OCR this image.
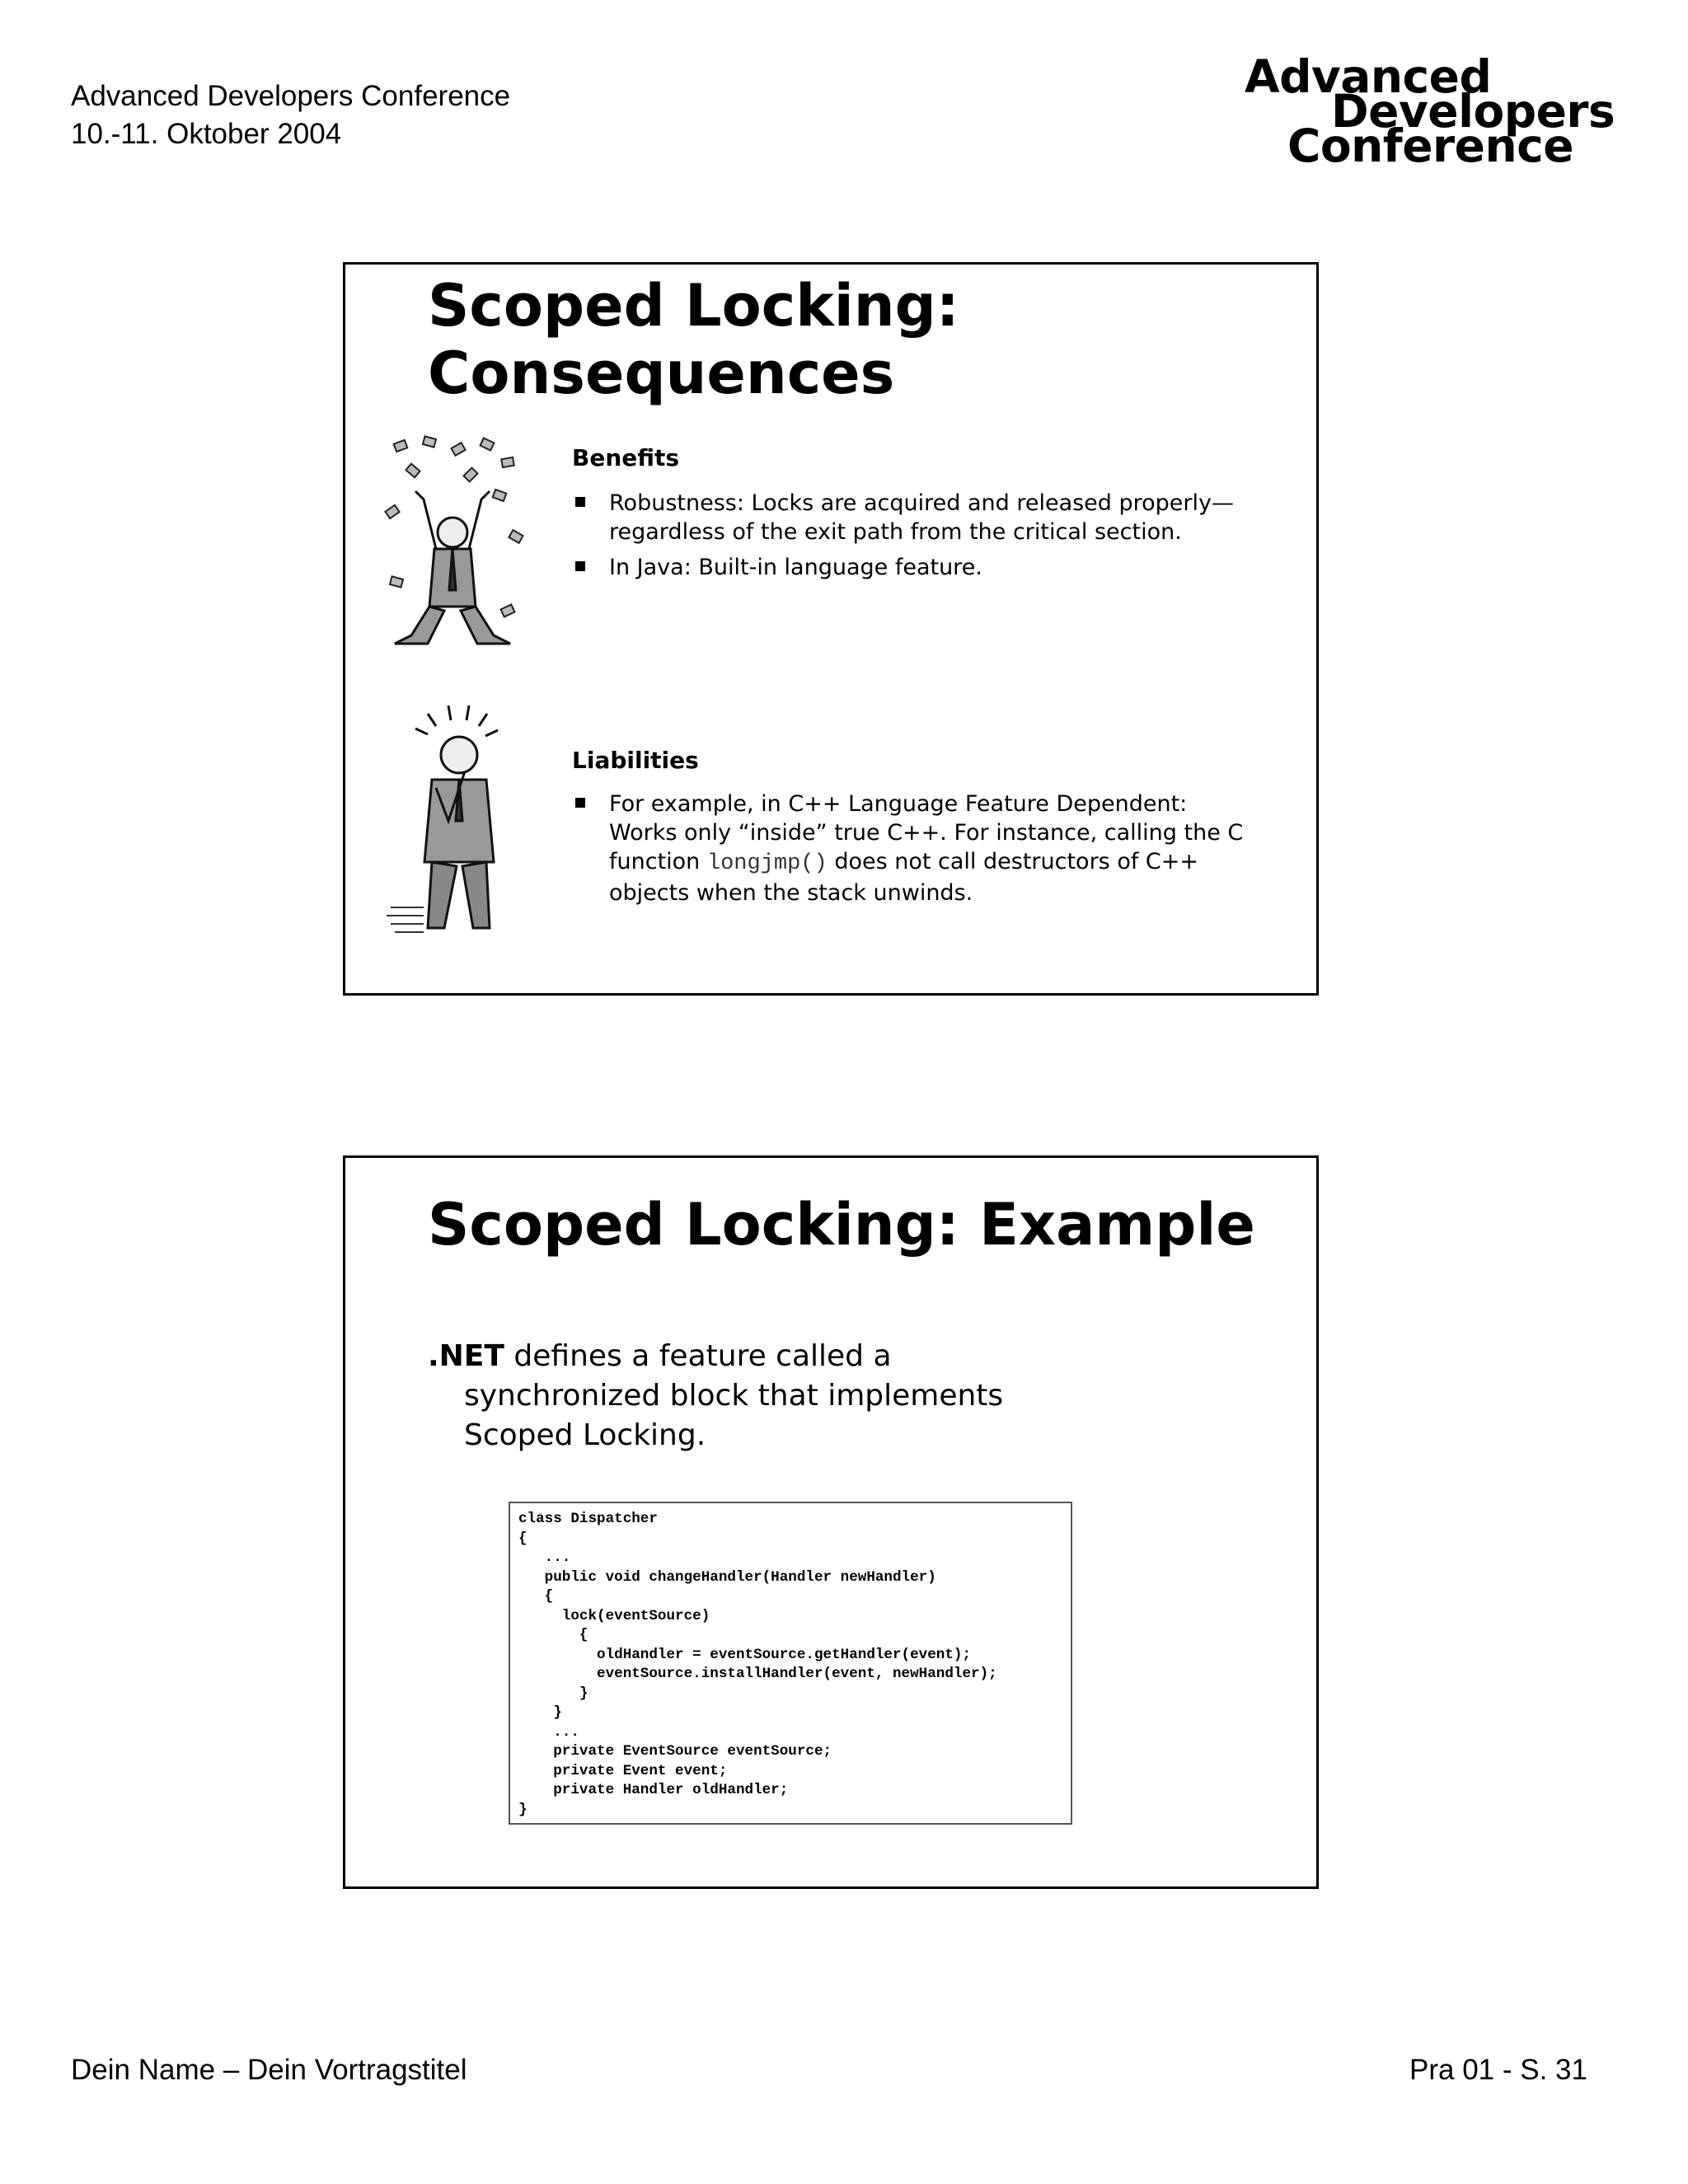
Advanced Developers Conference
10.-11. Oktober 2004
Advanced
Developers
Conference
Scoped Locking:
Consequences
Benefits
Robustness: Locks are acquired and released properly—regardless of the exit path from the critical section.
In Java: Built-in language feature.
Liabilities
For example, in C++ Language Feature Dependent: Works only “inside” true C++. For instance, calling the C function longjmp() does not call destructors of C++ objects when the stack unwinds.
Scoped Locking: Example
.NET defines a feature called a
synchronized block that implements
Scoped Locking.
class Dispatcher
{
...
public void changeHandler(Handler newHandler)
{
lock(eventSource)
{
oldHandler = eventSource.getHandler(event);
eventSource.installHandler(event, newHandler);
}
}
...
private EventSource eventSource;
private Event event;
private Handler oldHandler;
}
Dein Name – Dein Vortragstitel	Pra 01 - S. 31
